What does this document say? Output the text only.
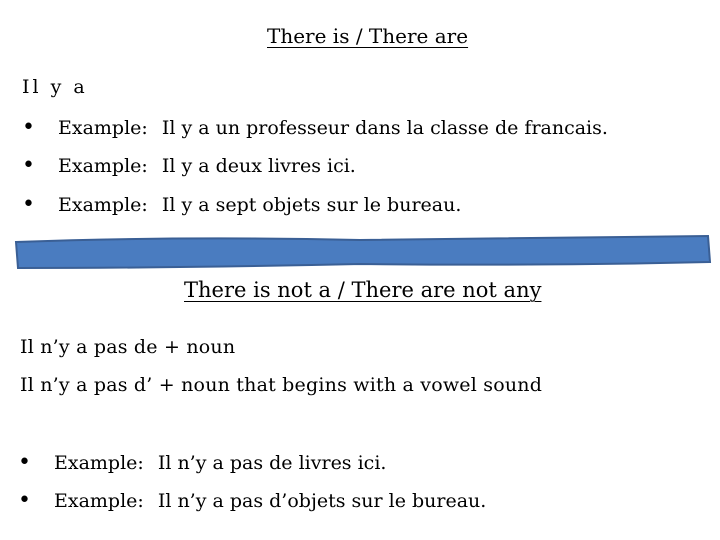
There is / There are
Il y a
•	Example: Il y a un professeur dans la classe de francais.
•	Example: Il y a deux livres ici.
•	Example: Il y a sept objets sur le bureau.
There is not a / There are not any
Il n’y a pas de + noun
Il n’y a pas d’ + noun that begins with a vowel sound
•	Example: Il n’y a pas de livres ici.
•	Example: Il n’y a pas d’objets sur le bureau.
